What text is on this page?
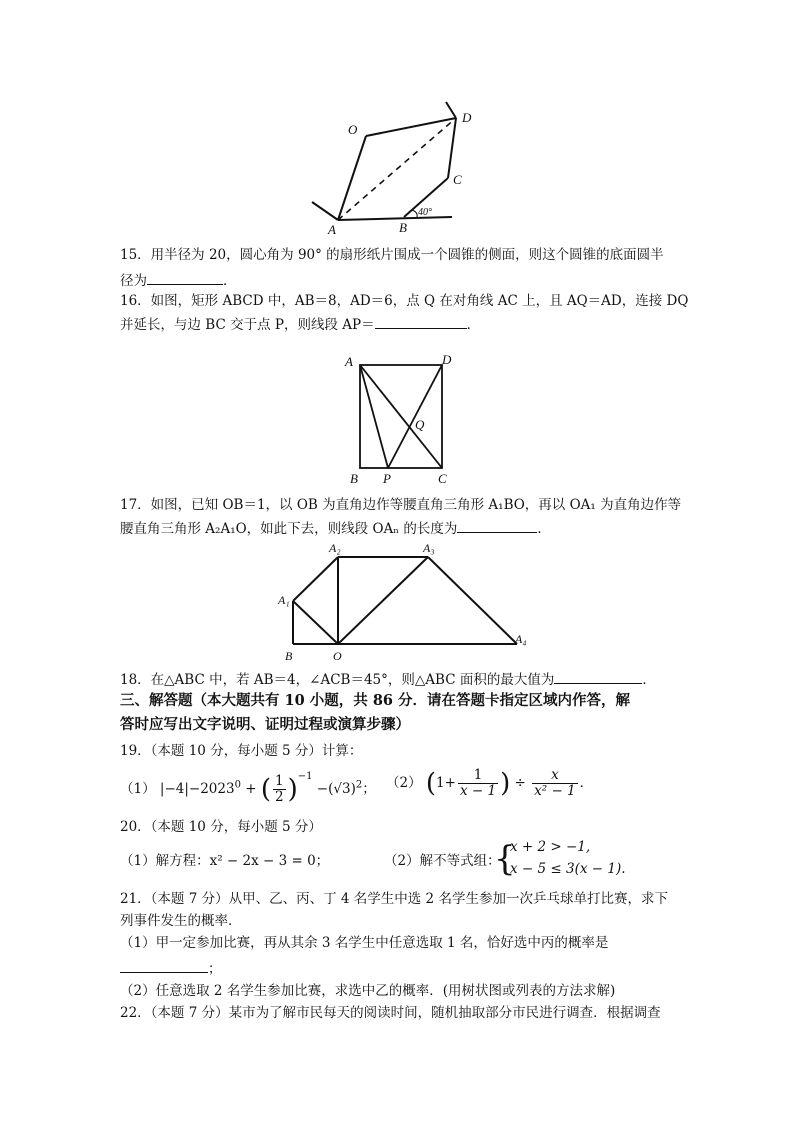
O
D
C
A	B
40°
15．用半径为 20，圆心角为 90° 的扇形纸片围成一个圆锥的侧面，则这个圆锥的底面圆半
径为	．
16．如图，矩形 ABCD 中，AB＝8，AD＝6，点 Q 在对角线 AC 上，且 AQ＝AD，连接 DQ
并延长，与边 BC 交于点 P，则线段 AP＝	．
A	D
Q
B P	C
17．如图，已知 OB＝1，以 OB 为直角边作等腰直角三角形 A₁BO，再以 OA₁ 为直角边作等
腰直角三角形 A₂A₁O，如此下去，则线段 OAₙ 的长度为	．
A₁
A₂	A₃
A₄
B	O
18．在△ABC 中，若 AB＝4，∠ACB＝45°，则△ABC 面积的最大值为	．
三、解答题（本大题共有 10 小题，共 86 分．请在答题卡指定区域内作答，解
答时应写出文字说明、证明过程或演算步骤）
19．（本题 10 分，每小题 5 分）计算：
（1） $|-4|-2023^0$ + ( $\frac{1}{2} )^{-1} -(√3)^2$； （2） ($1+ \frac{1}{x - 1}$ ) ÷ $\frac{x}{\text{x² − 1}}$ ．
20．（本题 10 分，每小题 5 分）
（1）解方程：x² − 2x − 3 = 0；	（2）解不等式组：
{
x + 2 > −1,
x − 5 ≤ 3(x − 1).
21．（本题 7 分）从甲、乙、丙、丁 4 名学生中选 2 名学生参加一次乒乓球单打比赛，求下
列事件发生的概率．
（1）甲一定参加比赛，再从其余 3 名学生中任意选取 1 名，恰好选中丙的概率是
；
（2）任意选取 2 名学生参加比赛，求选中乙的概率．(用树状图或列表的方法求解)
22．（本题 7 分）某市为了解市民每天的阅读时间，随机抽取部分市民进行调查．根据调查
